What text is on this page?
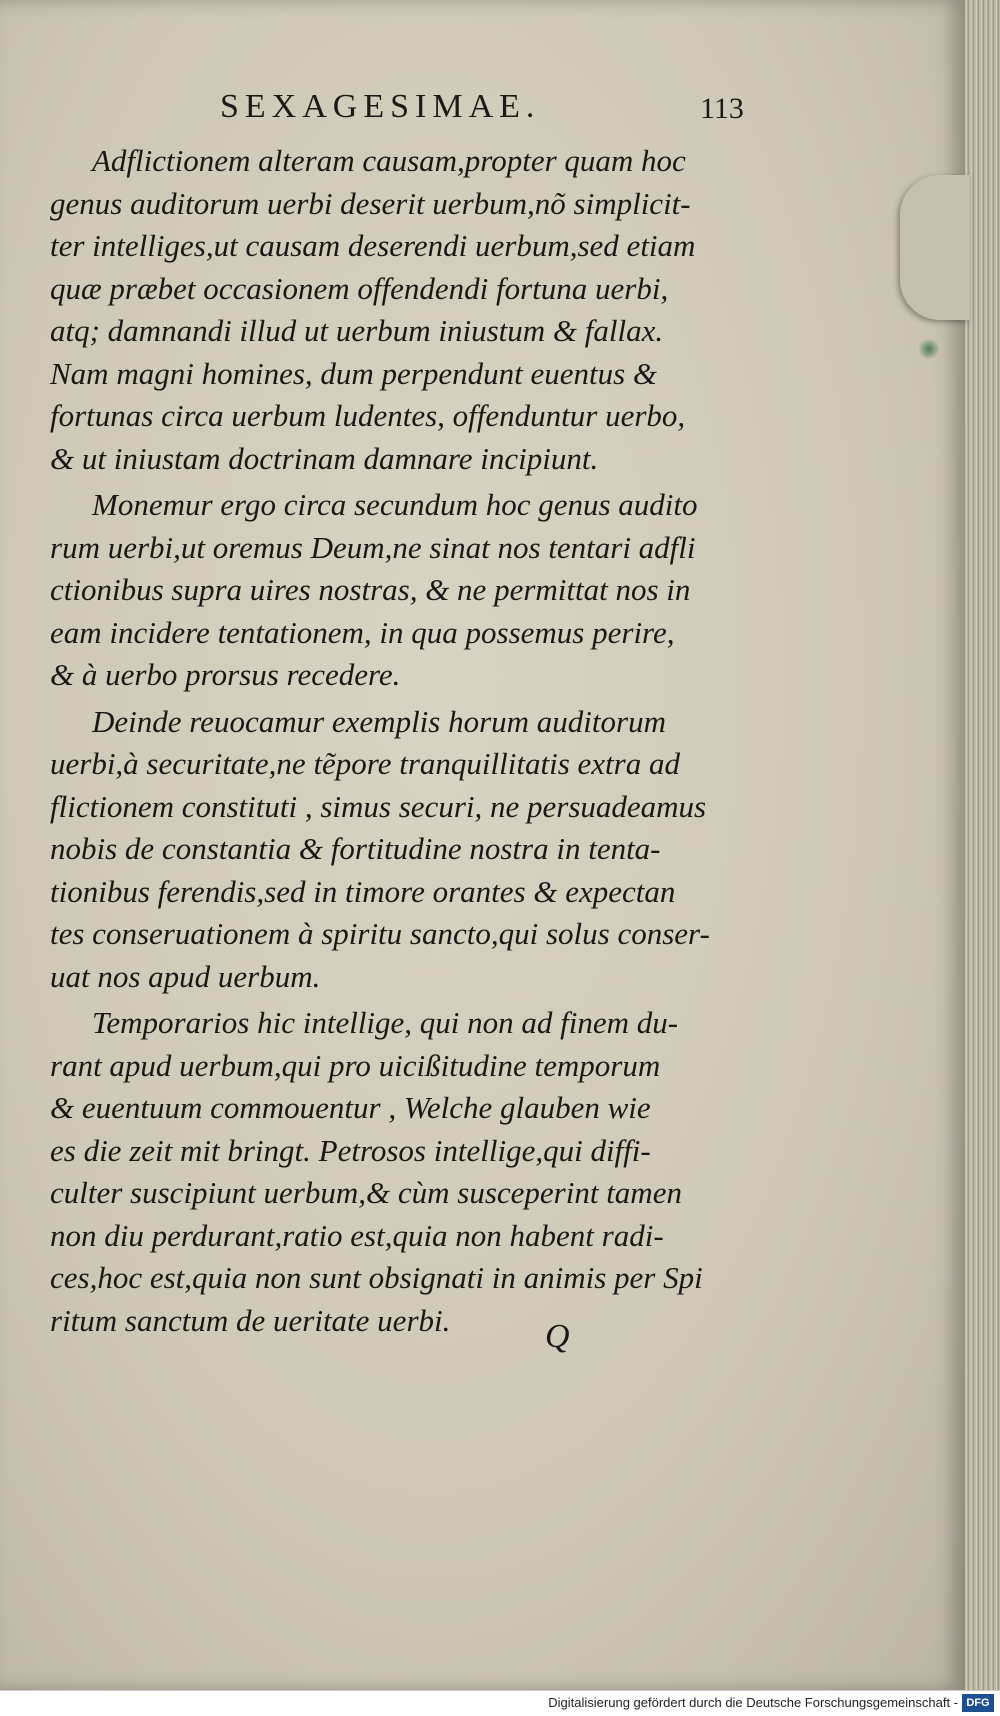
SEXAGESIMAE.	113
Adflictionem alteram causam,propter quam hoc
genus auditorum uerbi deserit uerbum,nõ simplicit-
ter intelliges,ut causam deserendi uerbum,sed etiam
quæ præbet occasionem offendendi fortuna uerbi,
atq; damnandi illud ut uerbum iniustum & fallax.
Nam magni homines, dum perpendunt euentus &
fortunas circa uerbum ludentes, offenduntur uerbo,
& ut iniustam doctrinam damnare incipiunt.
Monemur ergo circa secundum hoc genus audito
rum uerbi,ut oremus Deum,ne sinat nos tentari adfli
ctionibus supra uires nostras, & ne permittat nos in
eam incidere tentationem, in qua possemus perire,
& à uerbo prorsus recedere.
Deinde reuocamur exemplis horum auditorum
uerbi,à securitate,ne tẽpore tranquillitatis extra ad
flictionem constituti , simus securi, ne persuadeamus
nobis de constantia & fortitudine nostra in tenta-
tionibus ferendis,sed in timore orantes & expectan
tes conseruationem à spiritu sancto,qui solus conser-
uat nos apud uerbum.
Temporarios hic intellige, qui non ad finem du-
rant apud uerbum,qui pro uicißitudine temporum
& euentuum commouentur , Welche glauben wie
es die zeit mit bringt. Petrosos intellige,qui diffi-
culter suscipiunt uerbum,& cùm susceperint tamen
non diu perdurant,ratio est,quia non habent radi-
ces,hoc est,quia non sunt obsignati in animis per Spi
ritum sanctum de ueritate uerbi.	Q
Digitalisierung gefördert durch die Deutsche Forschungsgemeinschaft - DFG
